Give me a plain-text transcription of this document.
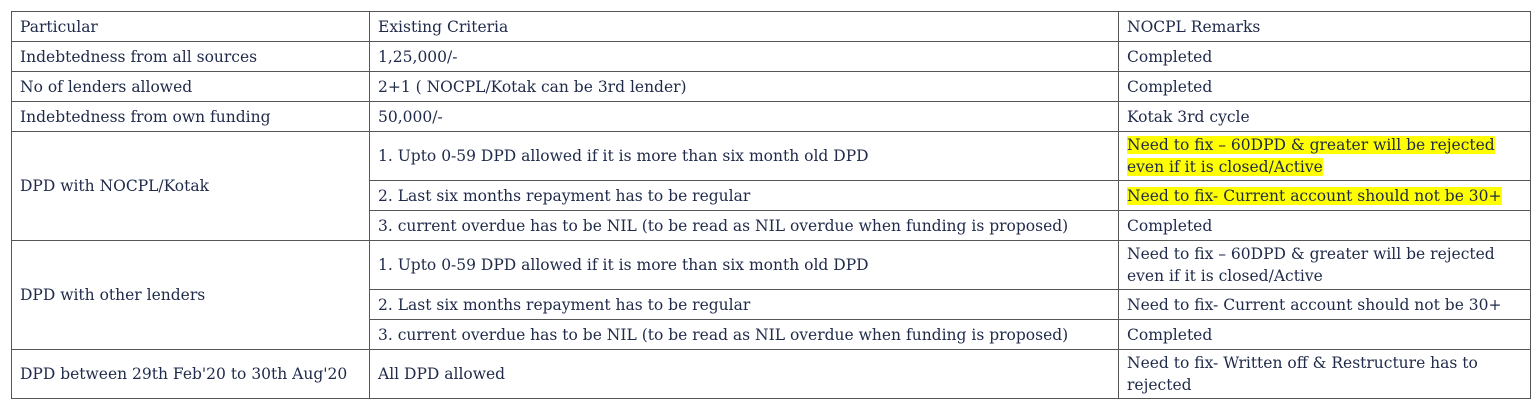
Particular	Existing Criteria	NOCPL Remarks
Indebtedness from all sources	1,25,000/-	Completed
No of lenders allowed	2+1 ( NOCPL/Kotak can be 3rd lender)	Completed
Indebtedness from own funding	50,000/-	Kotak 3rd cycle
DPD with NOCPL/Kotak	1. Upto 0-59 DPD allowed if it is more than six month old DPD	Need to fix – 60DPD & greater will be rejected even if it is closed/Active
	2. Last six months repayment has to be regular	Need to fix- Current account should not be 30+
	3. current overdue has to be NIL (to be read as NIL overdue when funding is proposed)	Completed
DPD with other lenders	1. Upto 0-59 DPD allowed if it is more than six month old DPD	Need to fix – 60DPD & greater will be rejected even if it is closed/Active
	2. Last six months repayment has to be regular	Need to fix- Current account should not be 30+
	3. current overdue has to be NIL (to be read as NIL overdue when funding is proposed)	Completed
DPD between 29th Feb'20 to 30th Aug'20	All DPD allowed	Need to fix- Written off & Restructure has to rejected
